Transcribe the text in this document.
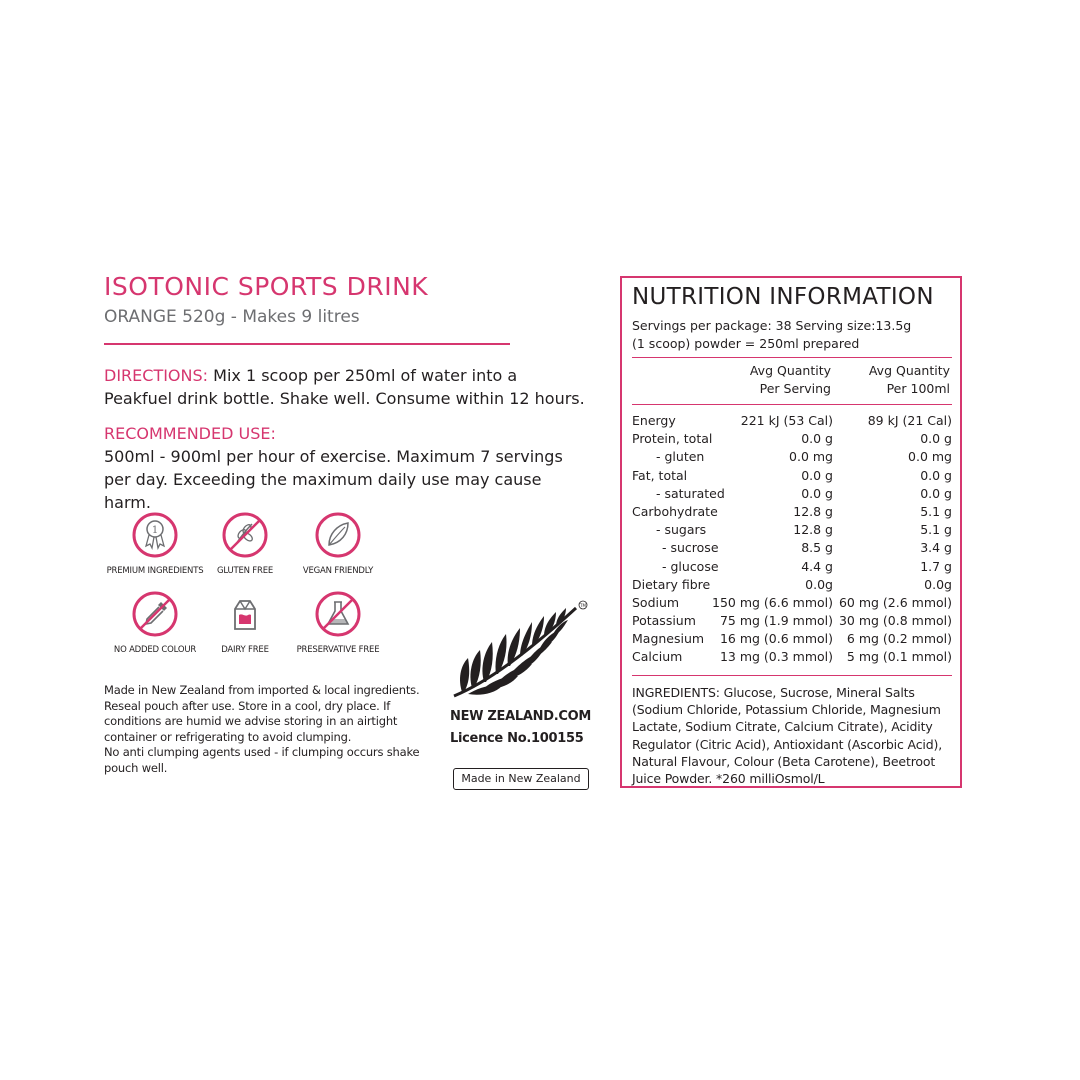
ISOTONIC SPORTS DRINK
ORANGE 520g - Makes 9 litres
DIRECTIONS: Mix 1 scoop per 250ml of water into a Peakfuel drink bottle. Shake well. Consume within 12 hours.
RECOMMENDED USE:
500ml - 900ml per hour of exercise. Maximum 7 servings per day. Exceeding the maximum daily use may cause harm.
1
PREMIUM INGREDIENTS	GLUTEN FREE	VEGAN FRIENDLY
NO ADDED COLOUR	DAIRY FREE	PRESERVATIVE FREE

Made in New Zealand from imported & local ingredients. Reseal pouch after use. Store in a cool, dry place. If conditions are humid we advise storing in an airtight container or refrigerating to avoid clumping.

No anti clumping agents used - if clumping occurs shake pouch well.

TM
NEW ZEALAND.COM
Licence No.100155
Made in New Zealand
NUTRITION INFORMATION
Servings per package: 38 Serving size:13.5g
(1 scoop) powder = 250ml prepared
Avg Quantity
Per Serving
Avg Quantity
Per 100ml
Energy	221 kJ (53 Cal)	89 kJ (21 Cal)
Protein, total	0.0 g	0.0 g
- gluten	0.0 mg	0.0 mg
Fat, total	0.0 g	0.0 g
- saturated	0.0 g	0.0 g
Carbohydrate	12.8 g	5.1 g
- sugars	12.8 g	5.1 g
- sucrose	8.5 g	3.4 g
- glucose	4.4 g	1.7 g
Dietary fibre	0.0g	0.0g
Sodium	150 mg (6.6 mmol) 60 mg (2.6 mmol)
Potassium 75 mg (1.9 mmol) 30 mg (0.8 mmol)
Magnesium 16 mg (0.6 mmol) 6 mg (0.2 mmol)
Calcium	13 mg (0.3 mmol) 5 mg (0.1 mmol)
INGREDIENTS: Glucose, Sucrose, Mineral Salts (Sodium Chloride, Potassium Chloride, Magnesium Lactate, Sodium Citrate, Calcium Citrate), Acidity Regulator (Citric Acid), Antioxidant (Ascorbic Acid), Natural Flavour, Colour (Beta Carotene), Beetroot Juice Powder. *260 milliOsmol/L
